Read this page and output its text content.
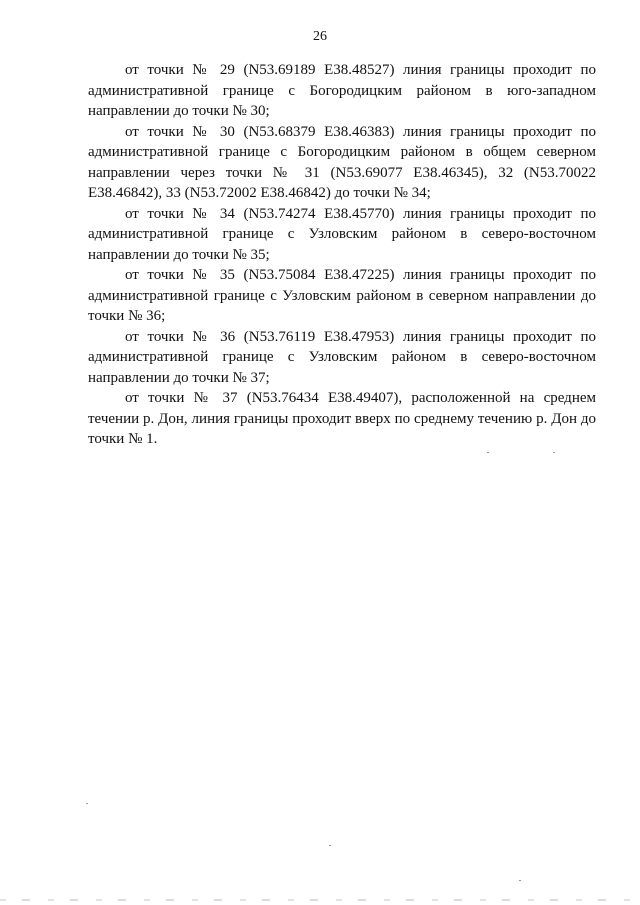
26

от точки № 29 (N53.69189 E38.48527) линия границы проходит по административной границе с Богородицким районом в юго-западном направлении до точки № 30;

от точки № 30 (N53.68379 E38.46383) линия границы проходит по административной границе с Богородицким районом в общем северном направлении через точки № 31 (N53.69077 E38.46345), 32 (N53.70022 E38.46842), 33 (N53.72002 E38.46842) до точки № 34;

от точки № 34 (N53.74274 E38.45770) линия границы проходит по административной границе с Узловским районом в северо-восточном направлении до точки № 35;

от точки № 35 (N53.75084 E38.47225) линия границы проходит по административной границе с Узловским районом в северном направлении до точки № 36;

от точки № 36 (N53.76119 E38.47953) линия границы проходит по административной границе с Узловским районом в северо-восточном направлении до точки № 37;

от точки № 37 (N53.76434 E38.49407), расположенной на среднем течении р. Дон, линия границы проходит вверх по среднему течению р. Дон до точки № 1.
